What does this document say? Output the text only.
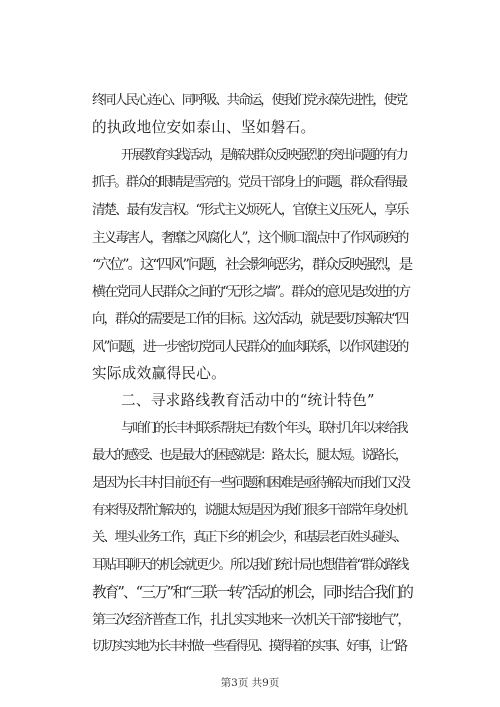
终同人民心连心、同呼吸、共命运，使我们党永葆先进性，使党
的执政地位安如泰山、坚如磐石。
开展教育实践活动，是解决群众反映强烈的突出问题的有力
抓手。群众的眼睛是雪亮的。党员干部身上的问题，群众看得最
清楚、最有发言权。“形式主义烦死人，官僚主义压死人，享乐
主义毒害人，奢靡之风腐化人”，这个顺口溜点中了作风顽疾的
“穴位”。这“四风”问题，社会影响恶劣，群众反映强烈，是
横在党同人民群众之间的“无形之墙”。群众的意见是改进的方
向，群众的需要是工作的目标。这次活动，就是要切实解决“四
风”问题，进一步密切党同人民群众的血肉联系，以作风建设的
实际成效赢得民心。
二、寻求路线教育活动中的“统计特色”
与咱们的长丰村联系帮扶已有数个年头，联村几年以来给我
最大的感受、也是最大的困惑就是：路太长，腿太短。说路长，
是因为长丰村目前还有一些问题和困难是亟待解决而我们又没
有来得及帮忙解决的，说腿太短是因为我们很多干部常年身处机
关、埋头业务工作，真正下乡的机会少，和基层老百姓头碰头、
耳贴耳聊天的机会就更少。所以我们统计局也想借着“群众路线
教育”、“三万”和“三联一转”活动的机会，同时结合我们的
第三次经济普查工作，扎扎实实地来一次机关干部“接地气”，
切切实实地为长丰村做一些看得见、摸得着的实事、好事，让“路
第3页 共9页
